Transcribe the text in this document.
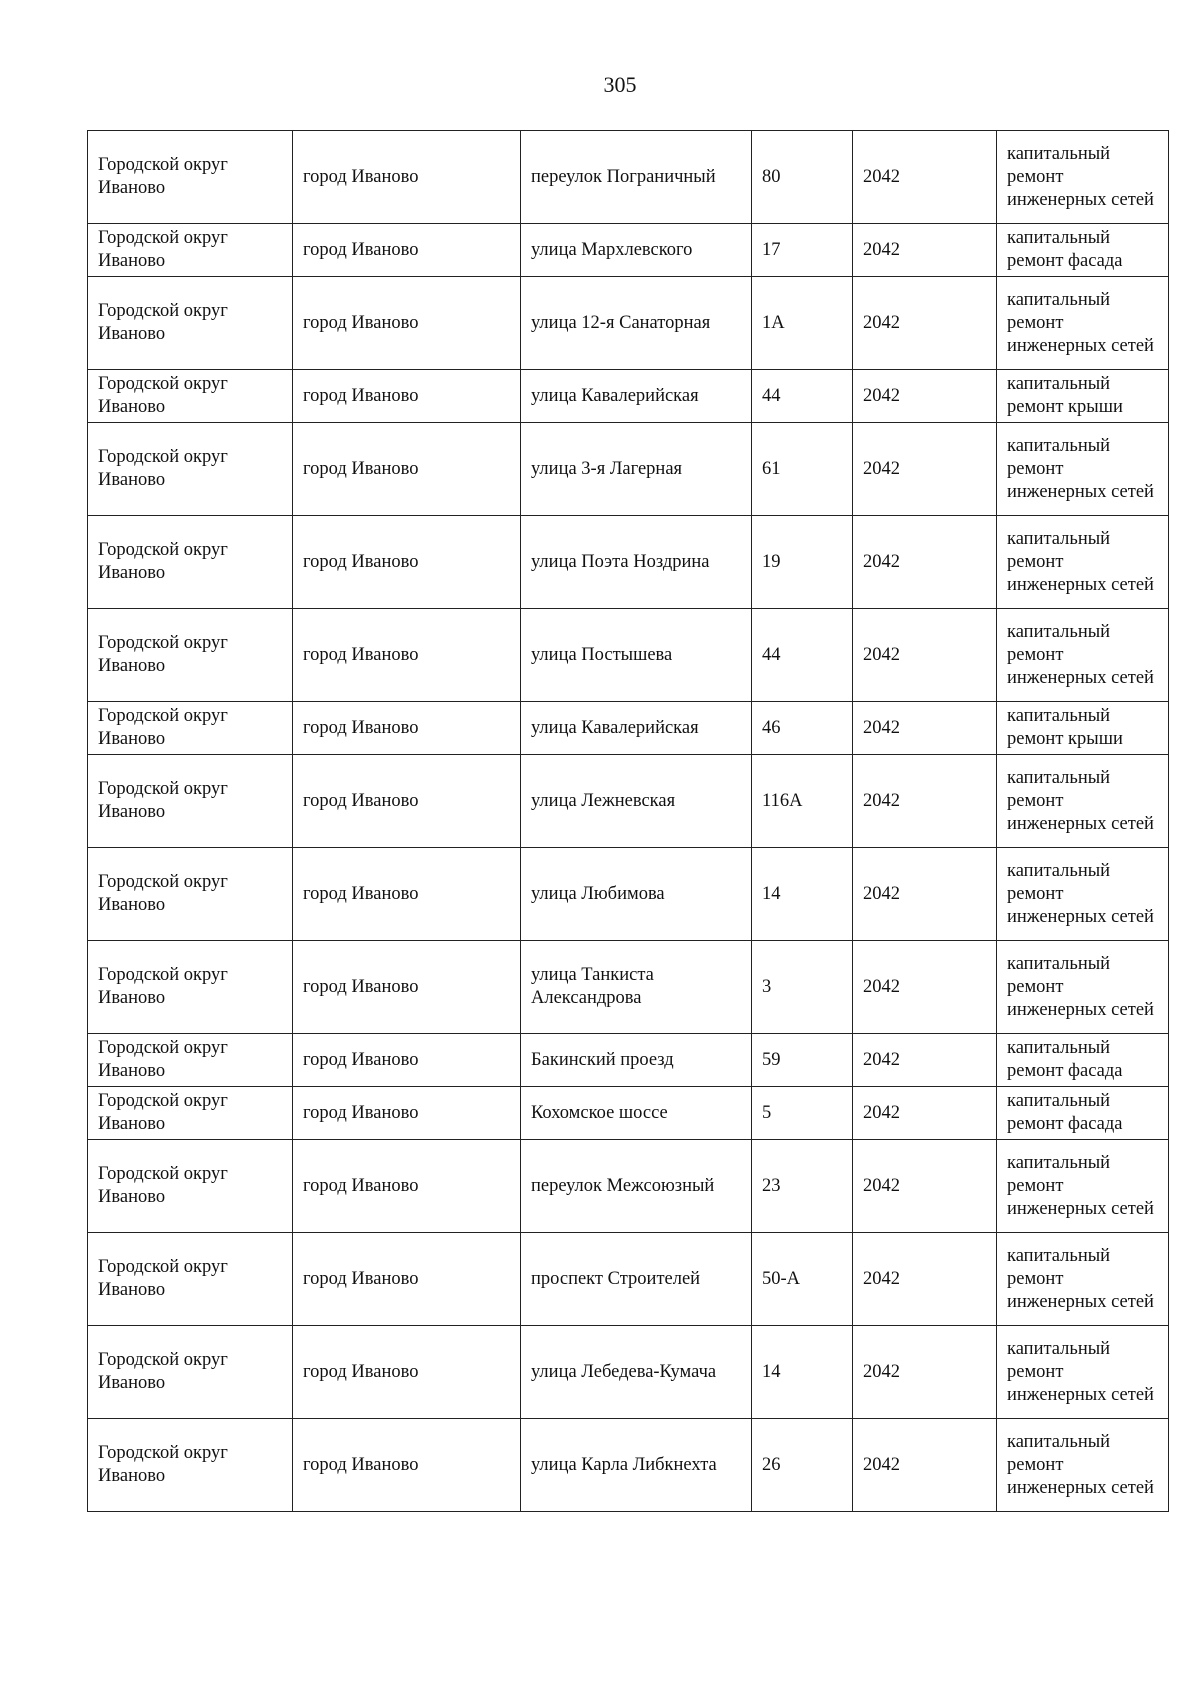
305
Городской округ Иваново	город Иваново	переулок Пограничный	80	2042	капитальный ремонт инженерных сетей
Городской округ Иваново	город Иваново	улица Мархлевского	17	2042	капитальный ремонт фасада
Городской округ Иваново	город Иваново	улица 12-я Санаторная	1А	2042	капитальный ремонт инженерных сетей
Городской округ Иваново	город Иваново	улица Кавалерийская	44	2042	капитальный ремонт крыши
Городской округ Иваново	город Иваново	улица 3-я Лагерная	61	2042	капитальный ремонт инженерных сетей
Городской округ Иваново	город Иваново	улица Поэта Ноздрина	19	2042	капитальный ремонт инженерных сетей
Городской округ Иваново	город Иваново	улица Постышева	44	2042	капитальный ремонт инженерных сетей
Городской округ Иваново	город Иваново	улица Кавалерийская	46	2042	капитальный ремонт крыши
Городской округ Иваново	город Иваново	улица Лежневская	116А	2042	капитальный ремонт инженерных сетей
Городской округ Иваново	город Иваново	улица Любимова	14	2042	капитальный ремонт инженерных сетей
Городской округ Иваново	город Иваново	улица Танкиста Александрова	3	2042	капитальный ремонт инженерных сетей
Городской округ Иваново	город Иваново	Бакинский проезд	59	2042	капитальный ремонт фасада
Городской округ Иваново	город Иваново	Кохомское шоссе	5	2042	капитальный ремонт фасада
Городской округ Иваново	город Иваново	переулок Межсоюзный	23	2042	капитальный ремонт инженерных сетей
Городской округ Иваново	город Иваново	проспект Строителей	50-А	2042	капитальный ремонт инженерных сетей
Городской округ Иваново	город Иваново	улица Лебедева-Кумача	14	2042	капитальный ремонт инженерных сетей
Городской округ Иваново	город Иваново	улица Карла Либкнехта	26	2042	капитальный ремонт инженерных сетей
